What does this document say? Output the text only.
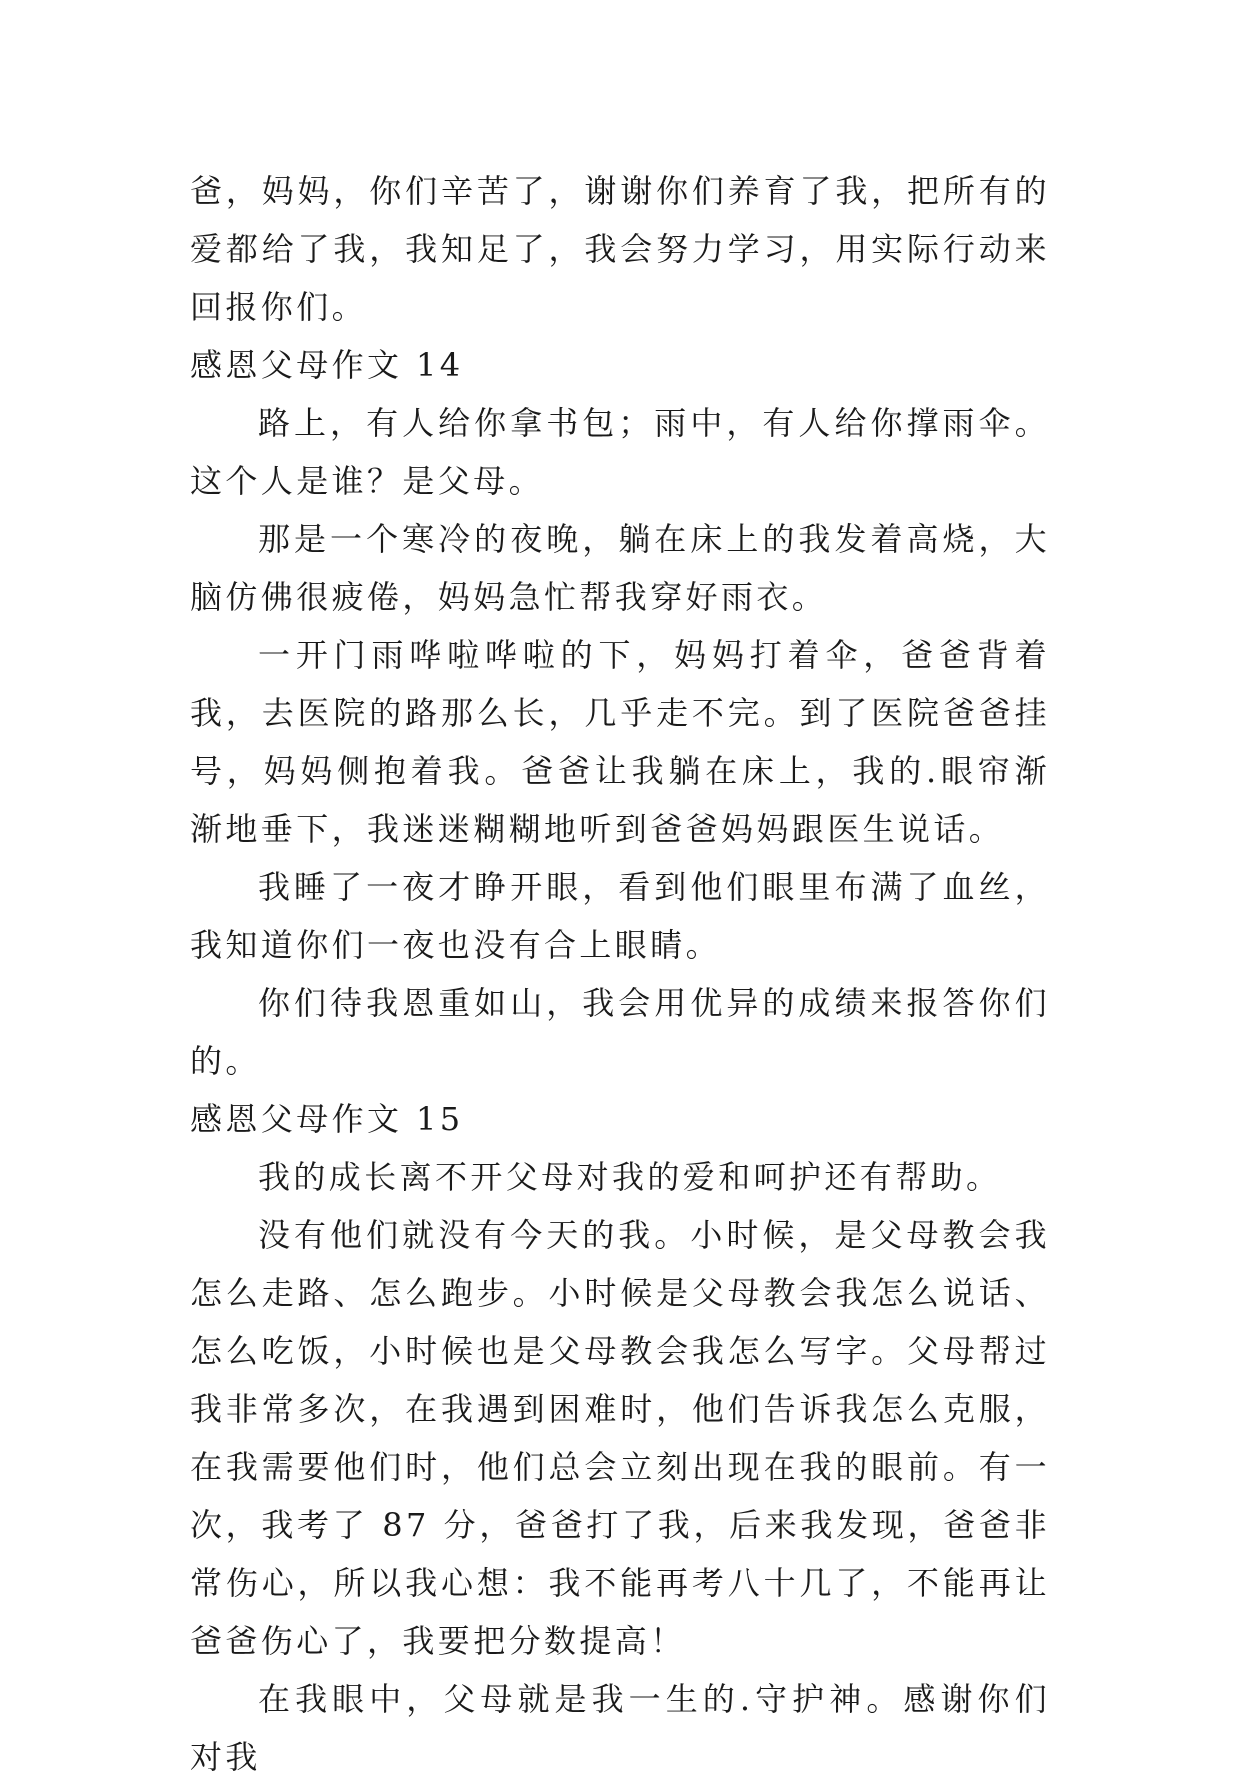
爸，妈妈，你们辛苦了，谢谢你们养育了我，把所有的爱都给了我，我知足了，我会努力学习，用实际行动来回报你们。

感恩父母作文 14

路上，有人给你拿书包；雨中，有人给你撑雨伞。这个人是谁？是父母。

那是一个寒冷的夜晚，躺在床上的我发着高烧，大脑仿佛很疲倦，妈妈急忙帮我穿好雨衣。

一开门雨哗啦哗啦的下，妈妈打着伞，爸爸背着我，去医院的路那么长，几乎走不完。到了医院爸爸挂号，妈妈侧抱着我。爸爸让我躺在床上，我的.眼帘渐渐地垂下，我迷迷糊糊地听到爸爸妈妈跟医生说话。

我睡了一夜才睁开眼，看到他们眼里布满了血丝，我知道你们一夜也没有合上眼睛。

你们待我恩重如山，我会用优异的成绩来报答你们的。

感恩父母作文 15

我的成长离不开父母对我的爱和呵护还有帮助。

没有他们就没有今天的我。小时候，是父母教会我怎么走路、怎么跑步。小时候是父母教会我怎么说话、怎么吃饭，小时候也是父母教会我怎么写字。父母帮过我非常多次，在我遇到困难时，他们告诉我怎么克服，在我需要他们时，他们总会立刻出现在我的眼前。有一次，我考了 87 分，爸爸打了我，后来我发现，爸爸非常伤心，所以我心想：我不能再考八十几了，不能再让爸爸伤心了，我要把分数提高！

在我眼中，父母就是我一生的.守护神。感谢你们对我
